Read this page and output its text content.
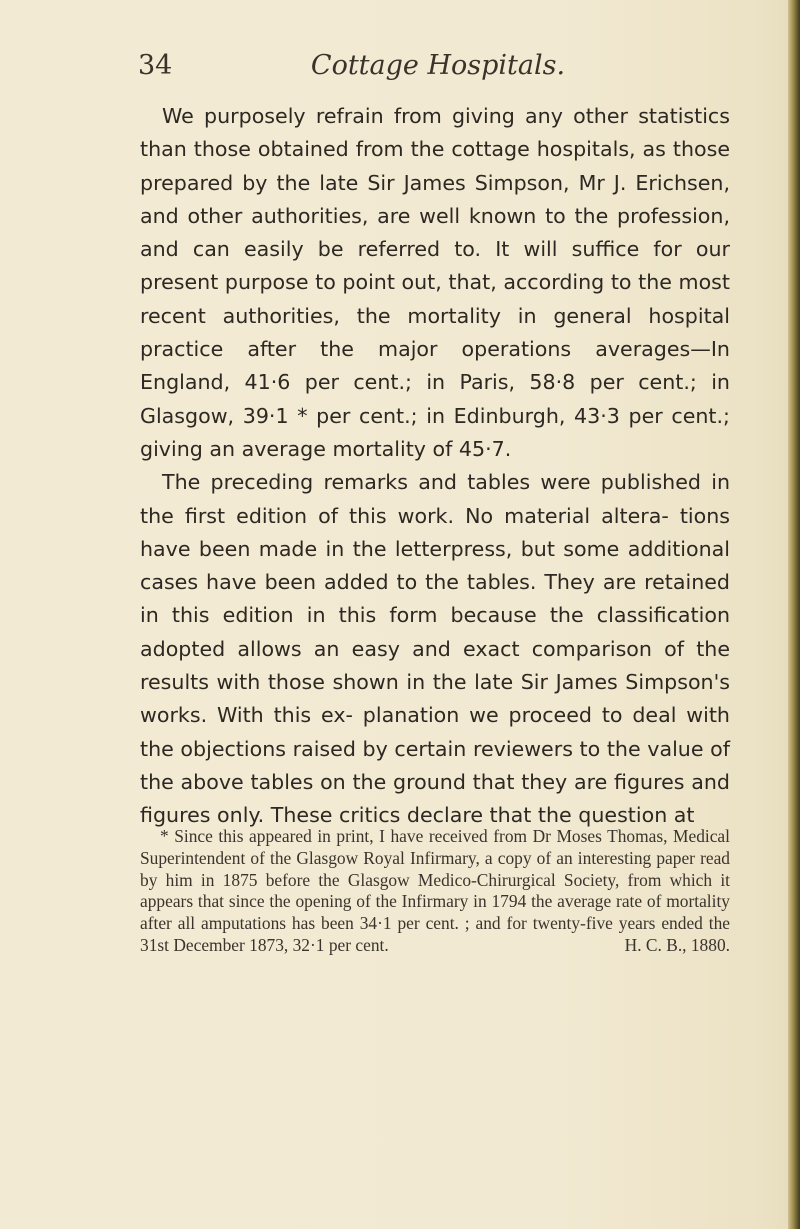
34	Cottage Hospitals.

We purposely refrain from giving any other statistics than those obtained from the cottage hospitals, as those prepared by the late Sir James Simpson, Mr J. Erichsen, and other authorities, are well known to the profession, and can easily be referred to. It will suffice for our present purpose to point out, that, according to the most recent authorities, the mortality in general hospital practice after the major operations averages—In England, 41·6 per cent.; in Paris, 58·8 per cent.; in Glasgow, 39·1 * per cent.; in Edinburgh, 43·3 per cent.; giving an average mortality of 45·7.

The preceding remarks and tables were published in the first edition of this work. No material altera- tions have been made in the letterpress, but some additional cases have been added to the tables. They are retained in this edition in this form because the classification adopted allows an easy and exact comparison of the results with those shown in the late Sir James Simpson's works. With this ex- planation we proceed to deal with the objections raised by certain reviewers to the value of the above tables on the ground that they are figures and figures only. These critics declare that the question at

* Since this appeared in print, I have received from Dr Moses Thomas, Medical Superintendent of the Glasgow Royal Infirmary, a copy of an interesting paper read by him in 1875 before the Glasgow Medico-Chirurgical Society, from which it appears that since the opening of the Infirmary in 1794 the average rate of mortality after all amputations has been 34·1 per cent. ; and for twenty-five years ended the 31st December 1873, 32·1 per cent.	H. C. B., 1880.
